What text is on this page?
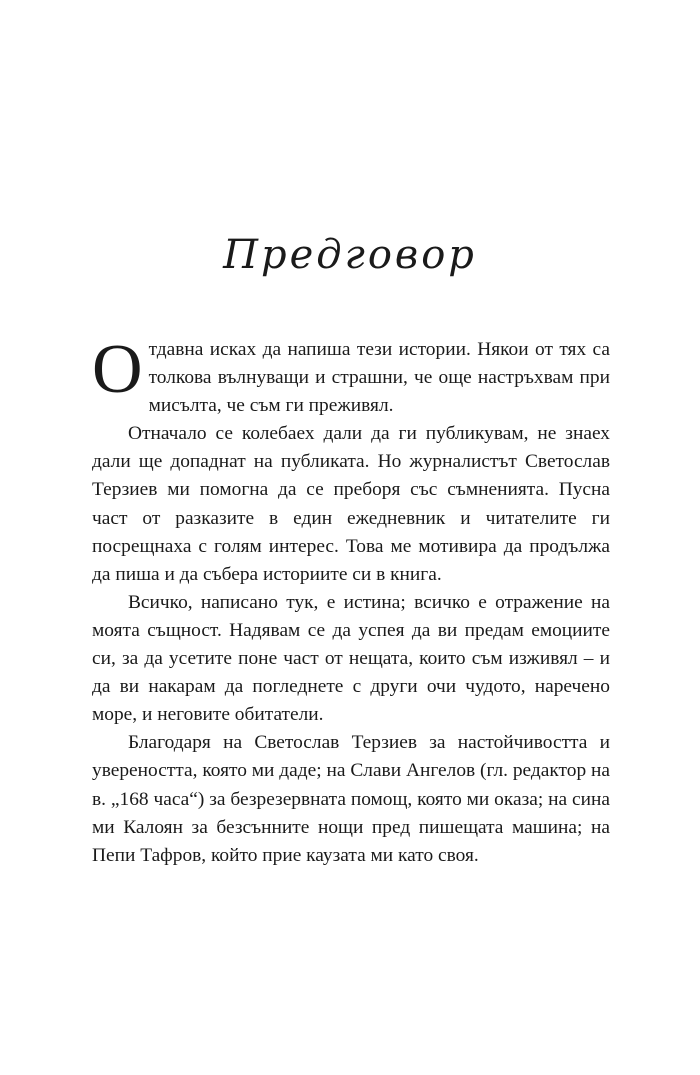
Предговор

Отдавна исках да напиша тези истории. Някои от тях са толкова вълнуващи и страшни, че още настръхвам при мисълта, че съм ги преживял.

Отначало се колебаех дали да ги публикувам, не знаех дали ще допаднат на публиката. Но журналистът Светослав Терзиев ми помогна да се преборя със съмненията. Пусна част от разказите в един ежедневник и читателите ги посрещнаха с голям интерес. Това ме мотивира да продължа да пиша и да събера историите си в книга.

Всичко, написано тук, е истина; всичко е отражение на моята същност. Надявам се да успея да ви предам емоциите си, за да усетите поне част от нещата, които съм изживял – и да ви накарам да погледнете с други очи чудото, наречено море, и неговите обитатели.

Благодаря на Светослав Терзиев за настойчивостта и увереността, която ми даде; на Слави Ангелов (гл. редактор на в. „168 часа“) за безрезервната помощ, която ми оказа; на сина ми Калоян за безсънните нощи пред пишещата машина; на Пепи Тафров, който прие каузата ми като своя.
